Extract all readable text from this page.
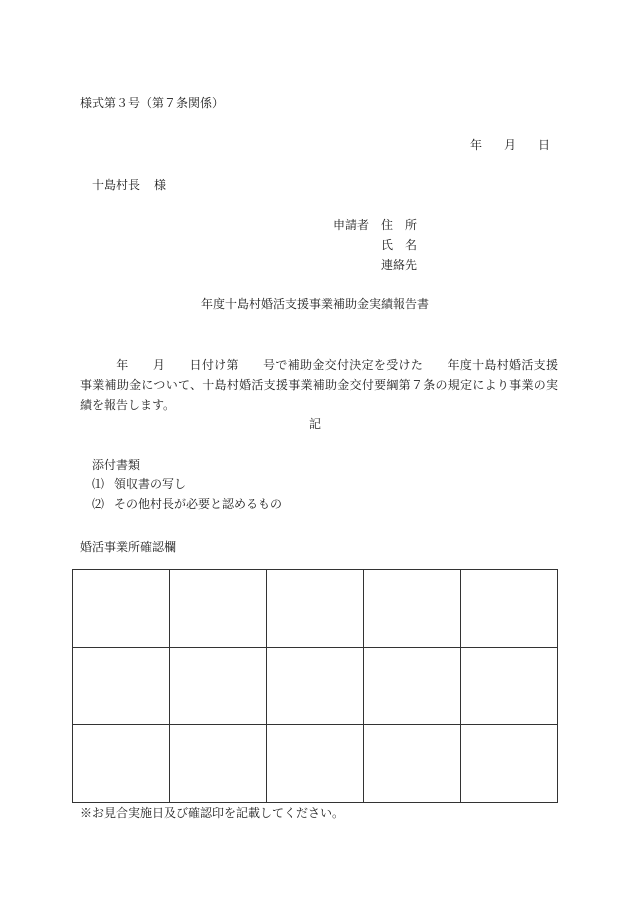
様式第３号（第７条関係）
年 月 日
十島村長 様
申請者 住　所
氏　名
連絡先
年度十島村婚活支援事業補助金実績報告書
年 月 日付け第 号で補助金交付決定を受けた 年度十島村婚活支援事業補助金について、十島村婚活支援事業補助金交付要綱第７条の規定により事業の実績を報告します。
記
添付書類
⑴ 領収書の写し
⑵ その他村長が必要と認めるもの
婚活事業所確認欄

※お見合実施日及び確認印を記載してください。
